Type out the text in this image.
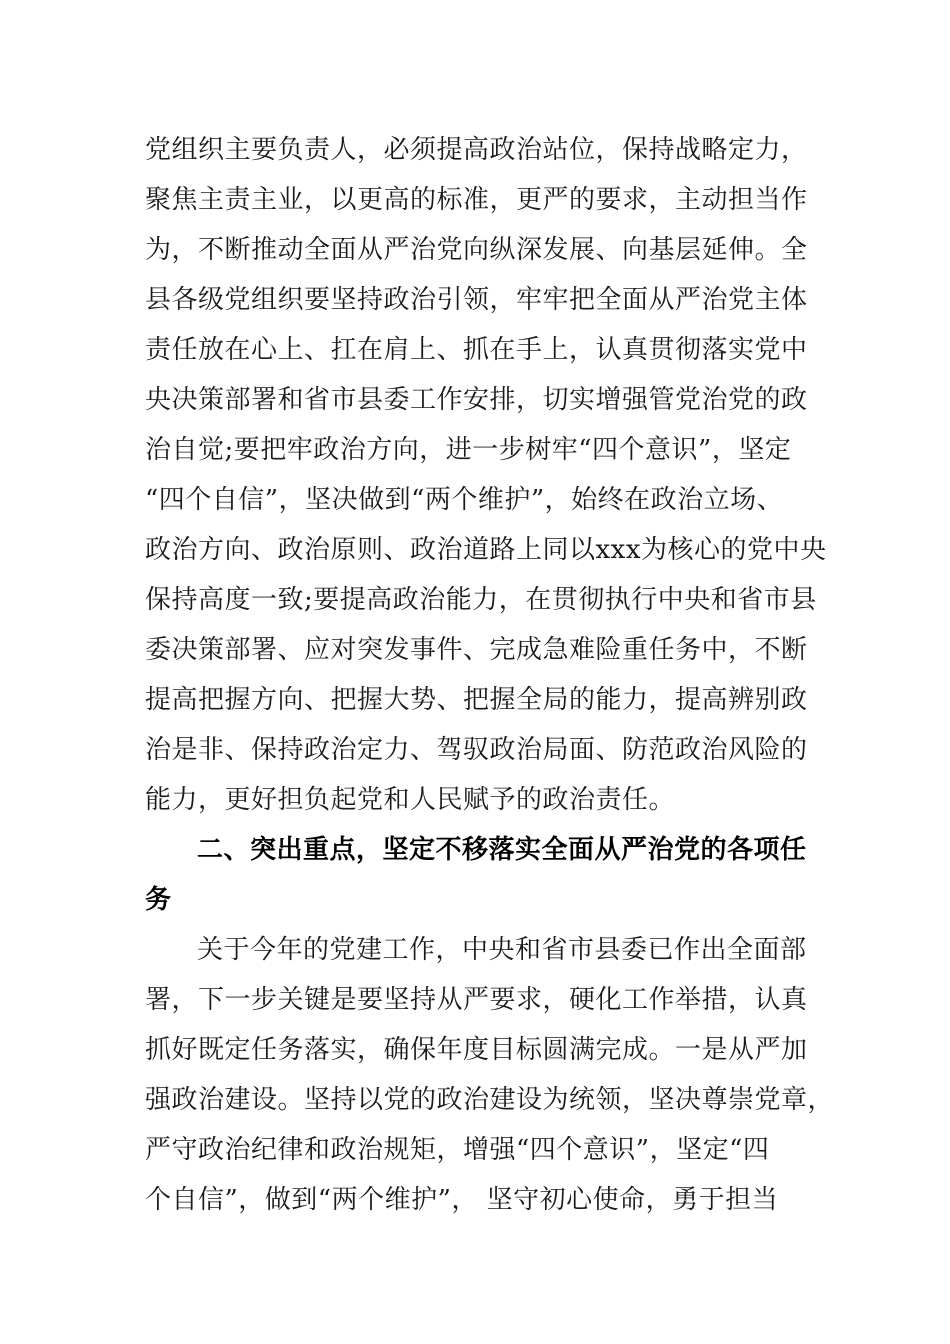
党组织主要负责人，必须提高政治站位，保持战略定力，
聚焦主责主业，以更高的标准，更严的要求，主动担当作
为，不断推动全面从严治党向纵深发展、向基层延伸。全
县各级党组织要坚持政治引领，牢牢把全面从严治党主体
责任放在心上、扛在肩上、抓在手上，认真贯彻落实党中
央决策部署和省市县委工作安排，切实增强管党治党的政
治自觉;要把牢政治方向，进一步树牢“四个意识”，坚定
“四个自信”，坚决做到“两个维护”，始终在政治立场、
政治方向、政治原则、政治道路上同以xxx为核心的党中央
保持高度一致;要提高政治能力，在贯彻执行中央和省市县
委决策部署、应对突发事件、完成急难险重任务中，不断
提高把握方向、把握大势、把握全局的能力，提高辨别政
治是非、保持政治定力、驾驭政治局面、防范政治风险的
能力，更好担负起党和人民赋予的政治责任。
二、突出重点，坚定不移落实全面从严治党的各项任
务
关于今年的党建工作，中央和省市县委已作出全面部
署，下一步关键是要坚持从严要求，硬化工作举措，认真
抓好既定任务落实，确保年度目标圆满完成。一是从严加
强政治建设。坚持以党的政治建设为统领，坚决尊崇党章，
严守政治纪律和政治规矩，增强“四个意识”，坚定“四
个自信”，做到“两个维护”， 坚守初心使命，勇于担当
